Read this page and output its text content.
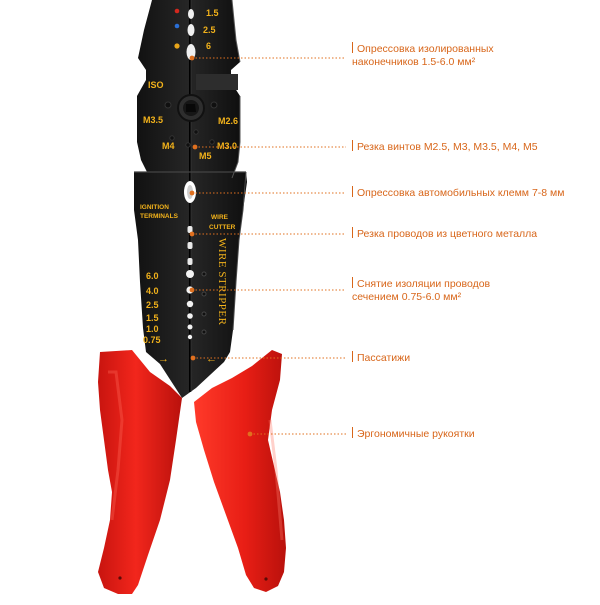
1.5
2.5
6
ISO
M3.5	M2.6
M4	M3.0
M5
IGNITION
TERMINALS	WIRE
CUTTER
6.0
4.0
2.5
1.5
1.0
0.75
WIRE STRIPPER
→	←
Опрессовка изолированных
наконечников 1.5-6.0 мм²
Резка винтов M2.5, M3, M3.5, M4, M5
Опрессовка автомобильных клемм 7-8 мм
Резка проводов из цветного металла
Снятие изоляции проводов
сечением 0.75-6.0 мм²
Пассатижи
Эргономичные рукоятки
